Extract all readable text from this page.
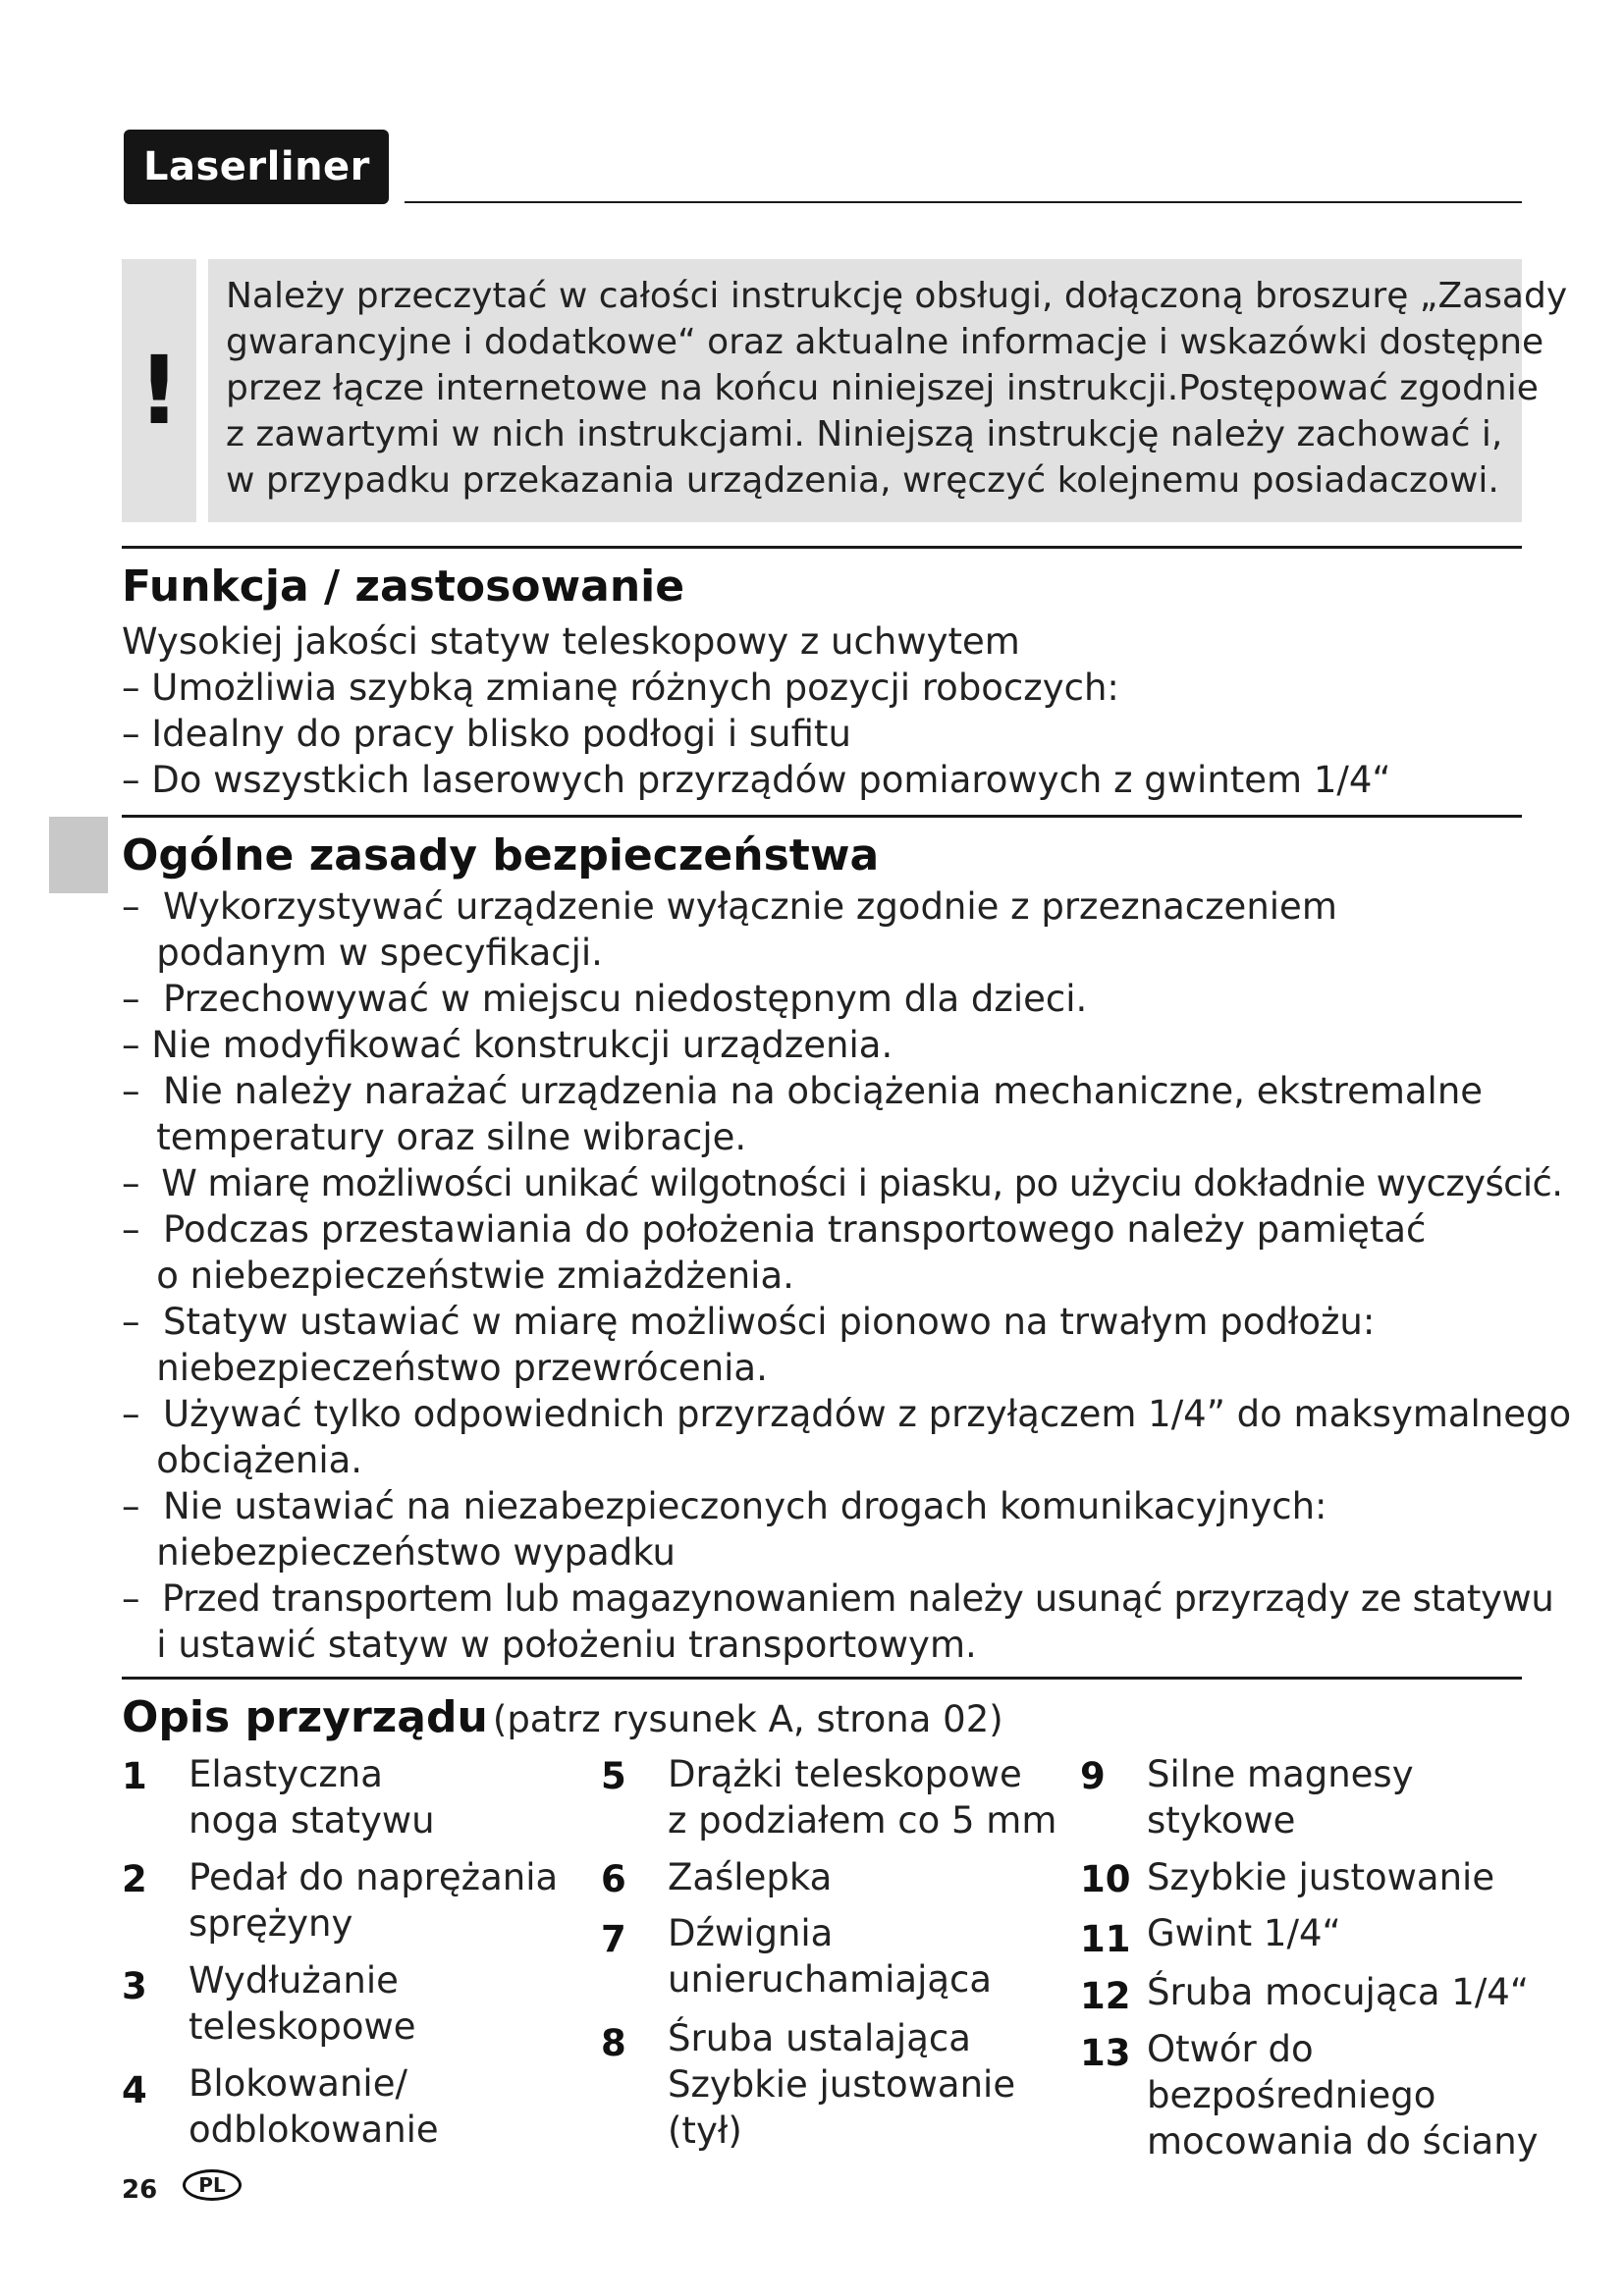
Laserliner
!
Należy przeczytać w całości instrukcję obsługi, dołączoną broszurę „Zasady
gwarancyjne i dodatkowe“ oraz aktualne informacje i wskazówki dostępne
przez łącze internetowe na końcu niniejszej instrukcji.Postępować zgodnie
z zawartymi w nich instrukcjami. Niniejszą instrukcję należy zachować i,
w przypadku przekazania urządzenia, wręczyć kolejnemu posiadaczowi.
Funkcja / zastosowanie
Wysokiej jakości statyw teleskopowy z uchwytem
– Umożliwia szybką zmianę różnych pozycji roboczych:
– Idealny do pracy blisko podłogi i sufitu
– Do wszystkich laserowych przyrządów pomiarowych z gwintem 1/4“
Ogólne zasady bezpieczeństwa
–  Wykorzystywać urządzenie wyłącznie zgodnie z przeznaczeniem
podanym w specyfikacji.
–  Przechowywać w miejscu niedostępnym dla dzieci.
– Nie modyfikować konstrukcji urządzenia.
–  Nie należy narażać urządzenia na obciążenia mechaniczne, ekstremalne
temperatury oraz silne wibracje.
–  W miarę możliwości unikać wilgotności i piasku, po użyciu dokładnie wyczyścić.
–  Podczas przestawiania do położenia transportowego należy pamiętać
o niebezpieczeństwie zmiażdżenia.
–  Statyw ustawiać w miarę możliwości pionowo na trwałym podłożu:
niebezpieczeństwo przewrócenia.
–  Używać tylko odpowiednich przyrządów z przyłączem 1/4” do maksymalnego
obciążenia.
–  Nie ustawiać na niezabezpieczonych drogach komunikacyjnych:
niebezpieczeństwo wypadku
–  Przed transportem lub magazynowaniem należy usunąć przyrządy ze statywu
i ustawić statyw w położeniu transportowym.
Opis przyrządu (patrz rysunek A, strona 02)
1 Elastyczna
noga statywu
2 Pedał do naprężania
sprężyny
3 Wydłużanie
teleskopowe
4 Blokowanie/
odblokowanie
5 Drążki teleskopowe
z podziałem co 5 mm
6 Zaślepka
7 Dźwignia
unieruchamiająca
8 Śruba ustalająca
Szybkie justowanie
(tył)
9 Silne magnesy
stykowe
10 Szybkie justowanie
11 Gwint 1/4“
12 Śruba mocująca 1/4“
13 Otwór do
bezpośredniego
mocowania do ściany
26	PL
